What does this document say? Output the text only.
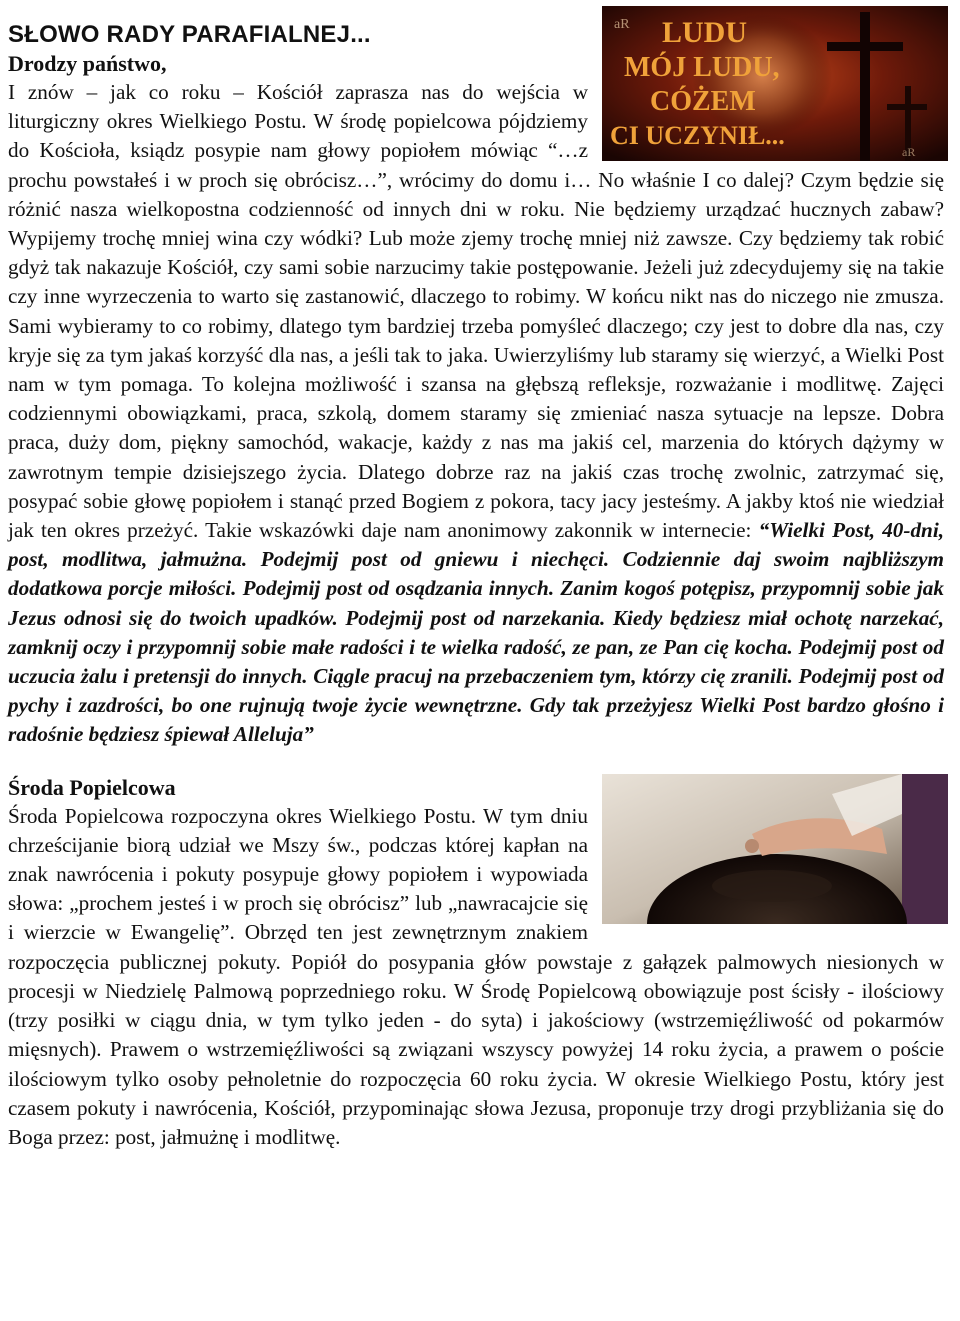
LUDU
MÓJ LUDU,
CÓŻEM
CI UCZYNIŁ...
aR
aR
SŁOWO RADY PARAFIALNEJ...

Drodzy państwo,

I znów – jak co roku – Kościół zaprasza nas do wejścia w liturgiczny okres Wielkiego Postu. W środę popielcowa pójdziemy do Kościoła, ksiądz posypie nam głowy popiołem mówiąc “…z prochu powstałeś i w proch się obrócisz…”, wrócimy do domu i… No właśnie I co dalej? Czym będzie się różnić nasza wielkopostna codzienność od innych dni w roku. Nie będziemy urządzać hucznych zabaw? Wypijemy trochę mniej wina czy wódki? Lub może zjemy trochę mniej niż zawsze. Czy będziemy tak robić gdyż tak nakazuje Kościół, czy sami sobie narzucimy takie postępowanie. Jeżeli już zdecydujemy się na takie czy inne wyrzeczenia to warto się zastanowić, dlaczego to robimy. W końcu nikt nas do niczego nie zmusza. Sami wybieramy to co robimy, dlatego tym bardziej trzeba pomyśleć dlaczego; czy jest to dobre dla nas, czy kryje się za tym jakaś korzyść dla nas, a jeśli tak to jaka. Uwierzyliśmy lub staramy się wierzyć, a Wielki Post nam w tym pomaga. To kolejna możliwość i szansa na głębszą refleksje, rozważanie i modlitwę. Zajęci codziennymi obowiązkami, praca, szkolą, domem staramy się zmieniać nasza sytuacje na lepsze. Dobra praca, duży dom, piękny samochód, wakacje, każdy z nas ma jakiś cel, marzenia do których dążymy w zawrotnym tempie dzisiejszego życia. Dlatego dobrze raz na jakiś czas trochę zwolnic, zatrzymać się, posypać sobie głowę popiołem i stanąć przed Bogiem z pokora, tacy jacy jesteśmy. A jakby ktoś nie wiedział jak ten okres przeżyć. Takie wskazówki daje nam anonimowy zakonnik w internecie: “Wielki Post, 40-dni, post, modlitwa, jałmużna. Podejmij post od gniewu i niechęci. Codziennie daj swoim najbliższym dodatkowa porcje miłości. Podejmij post od osądzania innych. Zanim kogoś potępisz, przypomnij sobie jak Jezus odnosi się do twoich upadków. Podejmij post od narzekania. Kiedy będziesz miał ochotę narzekać, zamknij oczy i przypomnij sobie małe radości i te wielka radość, ze pan, ze Pan cię kocha. Podejmij post od uczucia żalu i pretensji do innych. Ciągle pracuj na przebaczeniem tym, którzy cię zranili. Podejmij post od pychy i zazdrości, bo one rujnują twoje życie wewnętrzne. Gdy tak przeżyjesz Wielki Post bardzo głośno i radośnie będziesz śpiewał Alleluja”

Środa Popielcowa

Środa Popielcowa rozpoczyna okres Wielkiego Postu. W tym dniu chrześcijanie biorą udział we Mszy św., podczas której kapłan na znak nawrócenia i pokuty posypuje głowy popiołem i wypowiada słowa: „prochem jesteś i w proch się obrócisz” lub „nawracajcie się i wierzcie w Ewangelię”. Obrzęd ten jest zewnętrznym znakiem rozpoczęcia publicznej pokuty. Popiół do posypania głów powstaje z gałązek palmowych niesionych w procesji w Niedzielę Palmową poprzedniego roku. W Środę Popielcową obowiązuje post ścisły - ilościowy (trzy posiłki w ciągu dnia, w tym tylko jeden - do syta) i jakościowy (wstrzemięźliwość od pokarmów mięsnych). Prawem o wstrzemięźliwości są związani wszyscy powyżej 14 roku życia, a prawem o poście ilościowym tylko osoby pełnoletnie do rozpoczęcia 60 roku życia. W okresie Wielkiego Postu, który jest czasem pokuty i nawrócenia, Kościół, przypominając słowa Jezusa, proponuje trzy drogi przybliżania się do Boga przez: post, jałmużnę i modlitwę.
